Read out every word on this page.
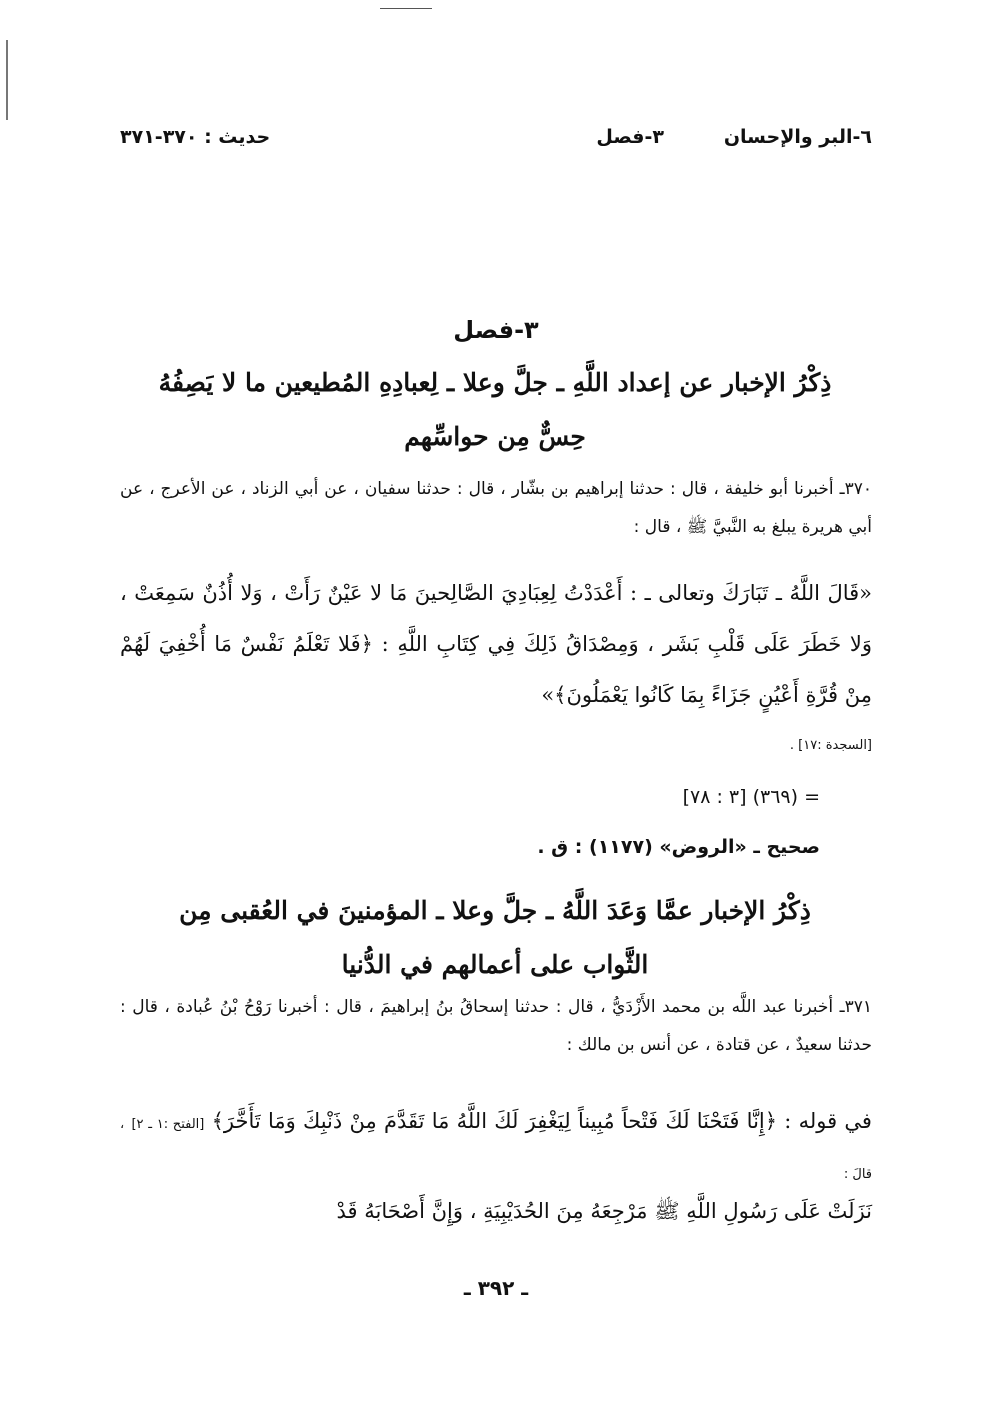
٦-البر والإحسان
٣-فصل
حديث : ٣٧٠-٣٧١
٣-فصل
ذِكْرُ الإخبار عن إعداد اللَّهِ ـ جلَّ وعلا ـ لِعبادِهِ المُطيعين ما لا يَصِفُهُ حِسٌّ مِن حواسِّهم
٣٧٠ـ أخبرنا أبو خليفة ، قال : حدثنا إبراهيم بن بشّار ، قال : حدثنا سفيان ، عن أبي الزناد ، عن الأعرج ، عن أبي هريرة يبلغ به النَّبيَّ ﷺ ، قال :
«قَالَ اللَّهُ ـ تَبَارَكَ وتعالى ـ : أَعْدَدْتُ لِعِبَادِيَ الصَّالِحينَ مَا لا عَيْنٌ رَأَتْ ، وَلا أُذُنٌ سَمِعَتْ ، وَلا خَطَرَ عَلَى قَلْبِ بَشَر ، وَمِصْدَاقُ ذَلِكَ فِي كِتَابِ اللَّهِ : ﴿فَلا تَعْلَمُ نَفْسٌ مَا أُخْفِيَ لَهُمْ مِنْ قُرَّةِ أَعْيُنٍ جَزَاءً بِمَا كَانُوا يَعْمَلُونَ﴾»
[السجدة :١٧] .
= (٣٦٩) [٣ : ٧٨]
صحيح ـ «الروض» (١١٧٧) : ق .
ذِكْرُ الإخبار عمَّا وَعَدَ اللَّهُ ـ جلَّ وعلا ـ المؤمنينَ في العُقبى مِن الثَّواب على أعمالهم في الدُّنيا
٣٧١ـ أخبرنا عبد اللَّه بن محمد الأَزْدَيُّ ، قال : حدثنا إسحاقُ بنُ إبراهيمَ ، قال : أخبرنا رَوْحُ بْنُ عُبادة ، قال : حدثنا سعيدٌ ، عن قتادة ، عن أنس بن مالك :
في قوله : ﴿إِنَّا فَتَحْنَا لَكَ فَتْحاً مُبِيناً لِيَغْفِرَ لَكَ اللَّهُ مَا تَقَدَّمَ مِنْ ذَنْبِكَ وَمَا تَأَخَّرَ﴾ [الفتح :١ ـ ٢] ، قالَ :
نَزَلَتْ عَلَى رَسُولِ اللَّهِ ﷺ مَرْجِعَهُ مِنَ الحُدَيْبِيَةِ ، وَإِنَّ أَصْحَابَهُ قَدْ
ـ ٣٩٢ ـ
